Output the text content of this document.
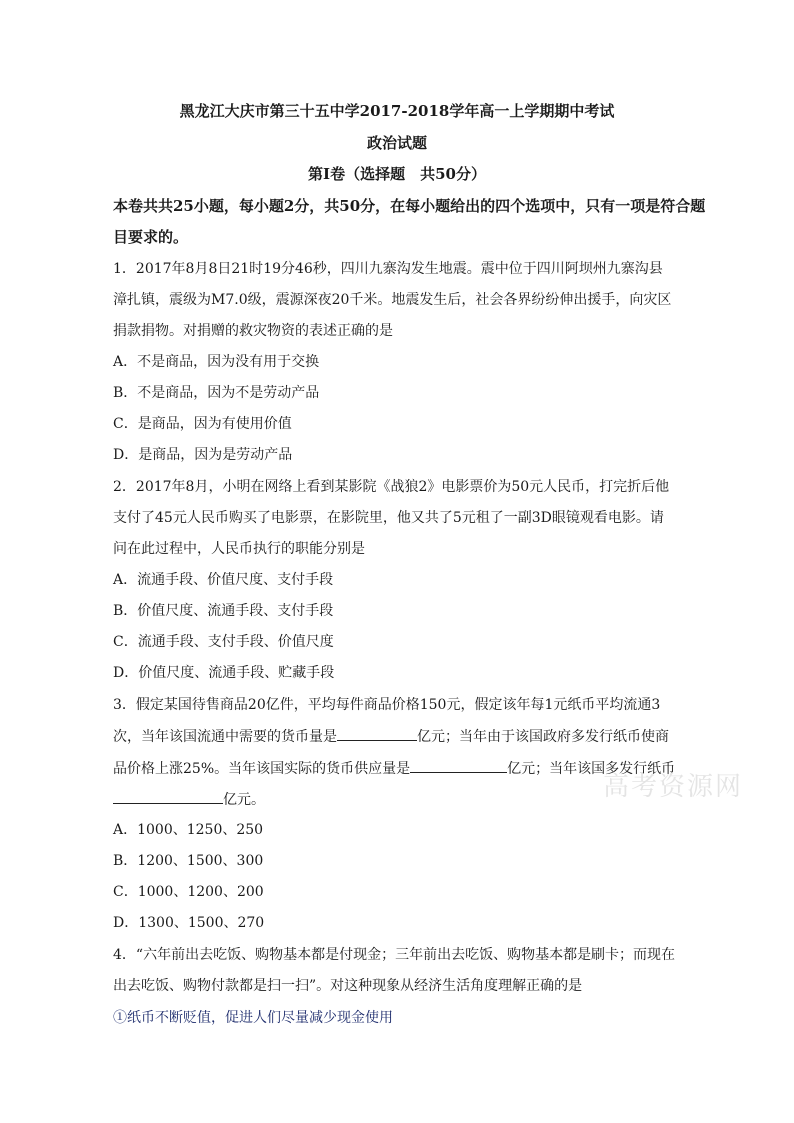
黑龙江大庆市第三十五中学2017-2018学年高一上学期期中考试
政治试题
第Ⅰ卷（选择题　共50分）
本卷共共25小题，每小题2分，共50分，在每小题给出的四个选项中，只有一项是符合题
目要求的。
1．2017年8月8日21时19分46秒，四川九寨沟发生地震。震中位于四川阿坝州九寨沟县
漳扎镇，震级为M7.0级，震源深夜20千米。地震发生后，社会各界纷纷伸出援手，向灾区
捐款捐物。对捐赠的救灾物资的表述正确的是
A．不是商品，因为没有用于交换
B．不是商品，因为不是劳动产品
C．是商品，因为有使用价值
D．是商品，因为是劳动产品
2．2017年8月，小明在网络上看到某影院《战狼2》电影票价为50元人民币，打完折后他
支付了45元人民币购买了电影票，在影院里，他又共了5元租了一副3D眼镜观看电影。请
问在此过程中，人民币执行的职能分别是
A．流通手段、价值尺度、支付手段
B．价值尺度、流通手段、支付手段
C．流通手段、支付手段、价值尺度
D．价值尺度、流通手段、贮藏手段
3．假定某国待售商品20亿件，平均每件商品价格150元，假定该年每1元纸币平均流通3
次，当年该国流通中需要的货币量是	亿元；当年由于该国政府多发行纸币使商
品价格上涨25%。当年该国实际的货币供应量是	亿元；当年该国多发行纸币
亿元。
A．1000、1250、250
B．1200、1500、300
C．1000、1200、200
D．1300、1500、270
4．“六年前出去吃饭、购物基本都是付现金；三年前出去吃饭、购物基本都是刷卡；而现在
出去吃饭、购物付款都是扫一扫”。对这种现象从经济生活角度理解正确的是
①纸币不断贬值，促进人们尽量减少现金使用
高考资源网
